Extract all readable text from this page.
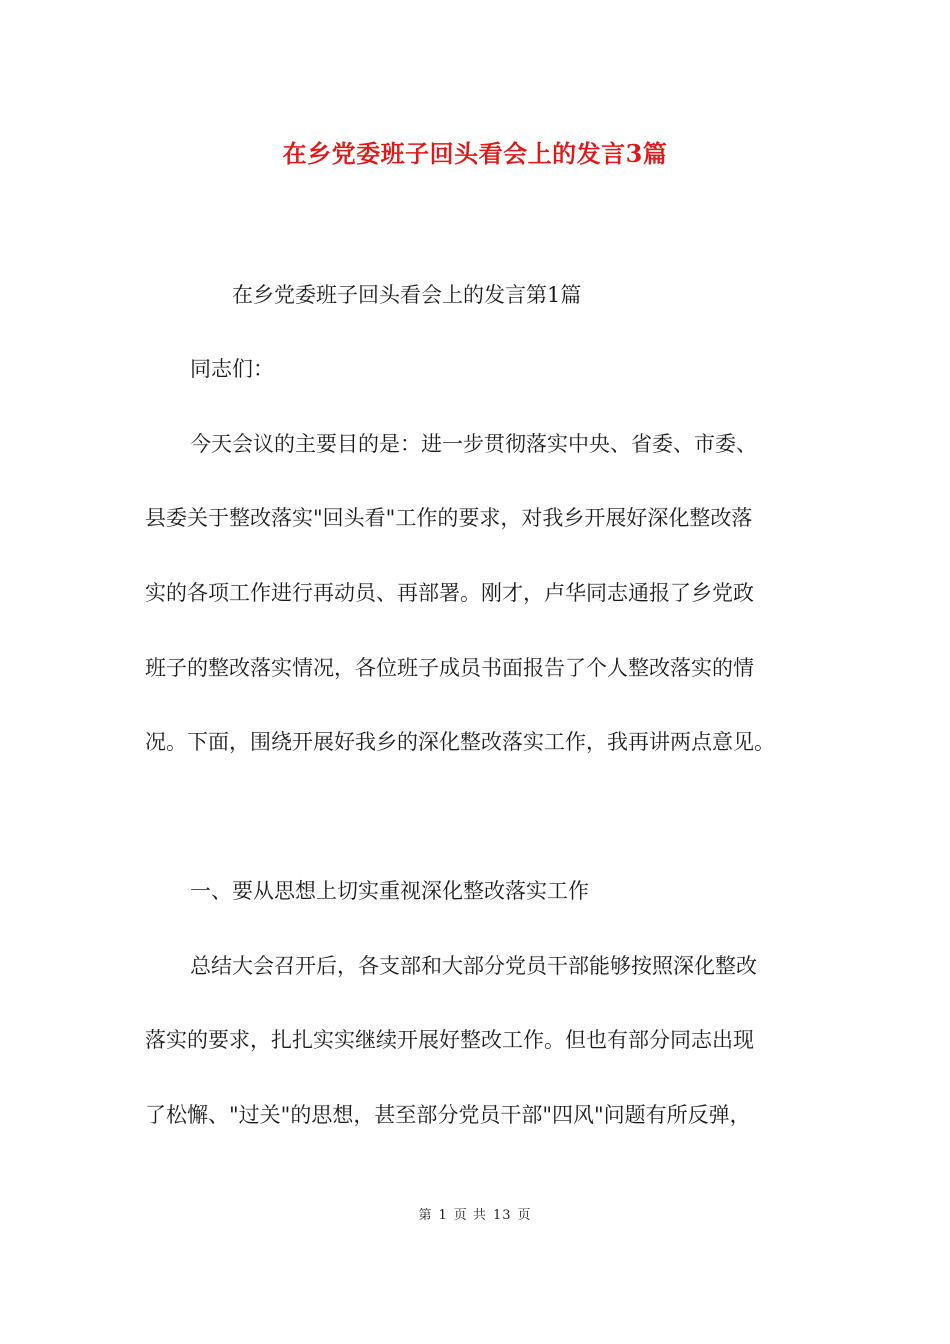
在乡党委班子回头看会上的发言3篇
在乡党委班子回头看会上的发言第1篇
同志们：
今天会议的主要目的是：进一步贯彻落实中央、省委、市委、
县委关于整改落实"回头看"工作的要求，对我乡开展好深化整改落
实的各项工作进行再动员、再部署。刚才，卢华同志通报了乡党政
班子的整改落实情况，各位班子成员书面报告了个人整改落实的情
况。下面，围绕开展好我乡的深化整改落实工作，我再讲两点意见。
一、要从思想上切实重视深化整改落实工作
总结大会召开后，各支部和大部分党员干部能够按照深化整改
落实的要求，扎扎实实继续开展好整改工作。但也有部分同志出现
了松懈、"过关"的思想，甚至部分党员干部"四风"问题有所反弹，
第 1 页 共 13 页
